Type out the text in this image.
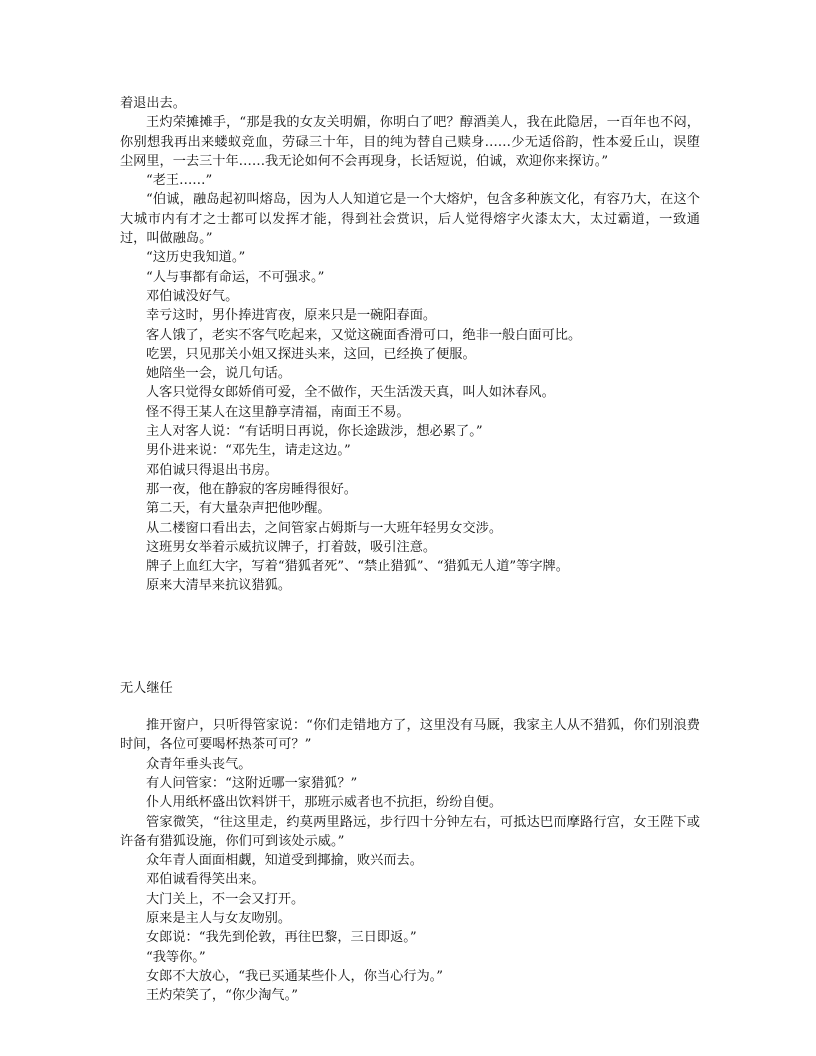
着退出去。

王灼荣摊摊手，“那是我的女友关明媚，你明白了吧？醇酒美人，我在此隐居，一百年也不闷，你别想我再出来蝼蚁竞血，劳碌三十年，目的纯为替自己赎身……少无适俗韵，性本爱丘山，误堕尘网里，一去三十年……我无论如何不会再现身，长话短说，伯诚，欢迎你来探访。”

“老王……”

“伯诚，融岛起初叫熔岛，因为人人知道它是一个大熔炉，包含多种族文化，有容乃大，在这个大城市内有才之士都可以发挥才能，得到社会赏识，后人觉得熔字火漆太大，太过霸道，一致通过，叫做融岛。”

“这历史我知道。”

“人与事都有命运，不可强求。”

邓伯诚没好气。

幸亏这时，男仆捧进宵夜，原来只是一碗阳春面。

客人饿了，老实不客气吃起来，又觉这碗面香滑可口，绝非一般白面可比。

吃罢，只见那关小姐又探进头来，这回，已经换了便服。

她陪坐一会，说几句话。

人客只觉得女郎娇俏可爱，全不做作，天生活泼天真，叫人如沐春风。

怪不得王某人在这里静享清福，南面王不易。

主人对客人说：“有话明日再说，你长途跋涉，想必累了。”

男仆进来说：“邓先生，请走这边。”

邓伯诚只得退出书房。

那一夜，他在静寂的客房睡得很好。

第二天，有大量杂声把他吵醒。

从二楼窗口看出去，之间管家占姆斯与一大班年轻男女交涉。

这班男女举着示威抗议牌子，打着鼓，吸引注意。

牌子上血红大字，写着“猎狐者死”、“禁止猎狐”、“猎狐无人道”等字牌。

原来大清早来抗议猎狐。

无人继任

推开窗户，只听得管家说：“你们走错地方了，这里没有马厩，我家主人从不猎狐，你们别浪费时间，各位可要喝杯热茶可可？”

众青年垂头丧气。

有人问管家：“这附近哪一家猎狐？”

仆人用纸杯盛出饮料饼干，那班示威者也不抗拒，纷纷自便。

管家微笑，“往这里走，约莫两里路远，步行四十分钟左右，可抵达巴而摩路行宫，女王陛下或许备有猎狐设施，你们可到该处示威。”

众年青人面面相觑，知道受到揶揄，败兴而去。

邓伯诚看得笑出来。

大门关上，不一会又打开。

原来是主人与女友吻别。

女郎说：“我先到伦敦，再往巴黎，三日即返。”

“我等你。”

女郎不大放心，“我已买通某些仆人，你当心行为。”

王灼荣笑了，“你少淘气。”
